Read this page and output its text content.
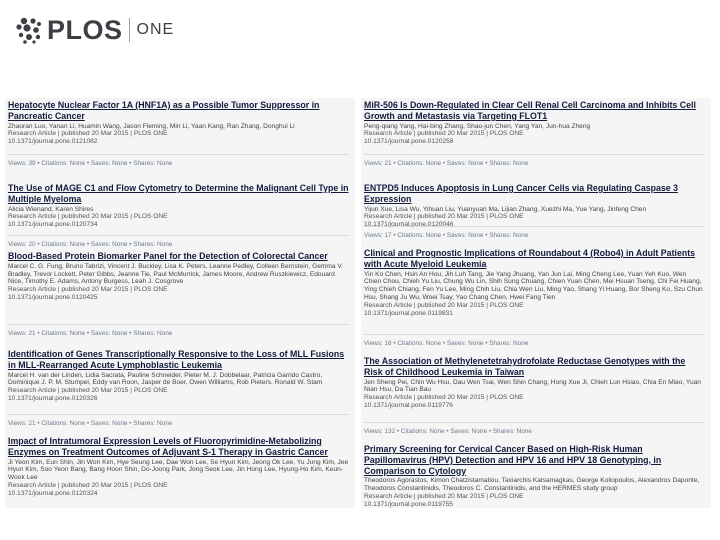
PLOS ONE
Hepatocyte Nuclear Factor 1A (HNF1A) as a Possible Tumor Suppressor in Pancreatic Cancer
Zhaoran Luo, Yanan Li, Huamin Wang, Jason Fleming, Min Li, Yaan Kang, Ran Zhang, Donghui Li
Research Article | published 20 Mar 2015 | PLOS ONE
10.1371/journal.pone.0121082
Views: 39 • Citations: None • Saves: None • Shares: None
The Use of MAGE C1 and Flow Cytometry to Determine the Malignant Cell Type in Multiple Myeloma
Alicia Wienand, Karen Shires
Research Article | published 20 Mar 2015 | PLOS ONE
10.1371/journal.pone.0120734
Views: 20 • Citations: None • Saves: None • Shares: None
Blood-Based Protein Biomarker Panel for the Detection of Colorectal Cancer
Marcel C. G. Fung, Bruno Tabrizi, Vincent J. Buckley, Lisa K. Peters, Leanne Pedley, Colleen Bernstein, Gemma V. Bradley, Trevor Lockett, Peter Gibbs, Jeanne Tie, Paul McMurrick, James Moore, Andrew Ruszkiewicz, Edouard Nice, Timothy E. Adams, Antony Burgess, Leah J. Cosgrove
Research Article | published 20 Mar 2015 | PLOS ONE
10.1371/journal.pone.0120425
Views: 21 • Citations: None • Saves: None • Shares: None
Identification of Genes Transcriptionally Responsive to the Loss of MLL Fusions in MLL-Rearranged Acute Lymphoblastic Leukemia
Marcel H. van der Linden, Lidia Sacrata, Pauline Schneider, Pieter M. J. Dobbelaar, Patricia Garrido Castro, Dominique J. P. M. Stumpel, Eddy van Roon, Jasper de Boer, Owen Williams, Rob Pieters, Ronald W. Stam
Research Article | published 20 Mar 2015 | PLOS ONE
10.1371/journal.pone.0120326
Views: 21 • Citations: None • Saves: None • Shares: None
Impact of Intratumoral Expression Levels of Fluoropyrimidine-Metabolizing Enzymes on Treatment Outcomes of Adjuvant S-1 Therapy in Gastric Cancer
Ji Yeon Kim, Eun Shin, Jin Won Kim, Hye Seung Lee, Dae Won Lee, Se Hyun Kim, Jeong Ok Lee, Yu Jung Kim, Jee Hyun Kim, Soo Yeon Bang, Bang Hoon Shin, Do-Joong Park, Jong Seok Lee, Jin Hong Lee, Hyung-Ho Kim, Keun-Wook Lee
Research Article | published 20 Mar 2015 | PLOS ONE
10.1371/journal.pone.0120324
MiR-506 Is Down-Regulated in Clear Cell Renal Cell Carcinoma and Inhibits Cell Growth and Metastasis via Targeting FLOT1
Peng-qiang Yang, Hai-bing Zhang, Shao-jun Chen, Yang Yan, Jun-hua Zheng
Research Article | published 20 Mar 2015 | PLOS ONE
10.1371/journal.pone.0120258
Views: 21 • Citations: None • Saves: None • Shares: None
ENTPD5 Induces Apoptosis in Lung Cancer Cells via Regulating Caspase 3 Expression
Yijun Xue, Lisa Wu, Yihuan Liu, Yuanyuan Ma, Lijian Zhang, Xuezhi Ma, Yue Yang, Jinfeng Chen
Research Article | published 20 Mar 2015 | PLOS ONE
10.1371/journal.pone.0120046
Views: 17 • Citations: None • Saves: None • Shares: None
Clinical and Prognostic Implications of Roundabout 4 (Robo4) in Adult Patients with Acute Myeloid Leukemia
Yin Ko Chen, Hsin An Hou, Jih Luh Tang, Jie Yang Jhuang, Yan Jun Lai, Ming Cheng Lee, Yuan Yeh Kuo, Wen Chien Chou, Chieh Yu Liu, Chung Wu Lin, Shih Sung Chuang, Chien Yuan Chen, Mei Hsuan Tseng, Chi Fei Huang, Ying Chieh Chiang, Fen Yu Lee, Ming Chih Liu, Chia Wen Liu, Ming Yao, Shang Yi Huang, Bor Sheng Ko, Szu Chun Hsu, Shang Ju Wu, Woei Tsay, Yao Chang Chen, Hwei Fang Tien
Research Article | published 20 Mar 2015 | PLOS ONE
10.1371/journal.pone.0119831
Views: 16 • Citations: None • Saves: None • Shares: None
The Association of Methylenetetrahydrofolate Reductase Genotypes with the Risk of Childhood Leukemia in Taiwan
Jen Sheng Pei, Chin Wu Hsu, Dau Wen Tsai, Wen Shin Chang, Hong Xue Ji, Chieh Lun Hsiao, Chia En Miao, Yuan Nian Hsu, Da Tian Bau
Research Article | published 20 Mar 2015 | PLOS ONE
10.1371/journal.pone.0119776
Views: 132 • Citations: None • Saves: None • Shares: None
Primary Screening for Cervical Cancer Based on High-Risk Human Papillomavirus (HPV) Detection and HPV 16 and HPV 18 Genotyping, in Comparison to Cytology
Theodoros Agorastos, Kimon Chatzistamatiou, Taxiarchis Katsamagkas, George Koliopoulos, Alexandros Daponte, Theodoros Constantinidis, Theodoros C. Constantinidis, and the HERMES study group
Research Article | published 20 Mar 2015 | PLOS ONE
10.1371/journal.pone.0119755
